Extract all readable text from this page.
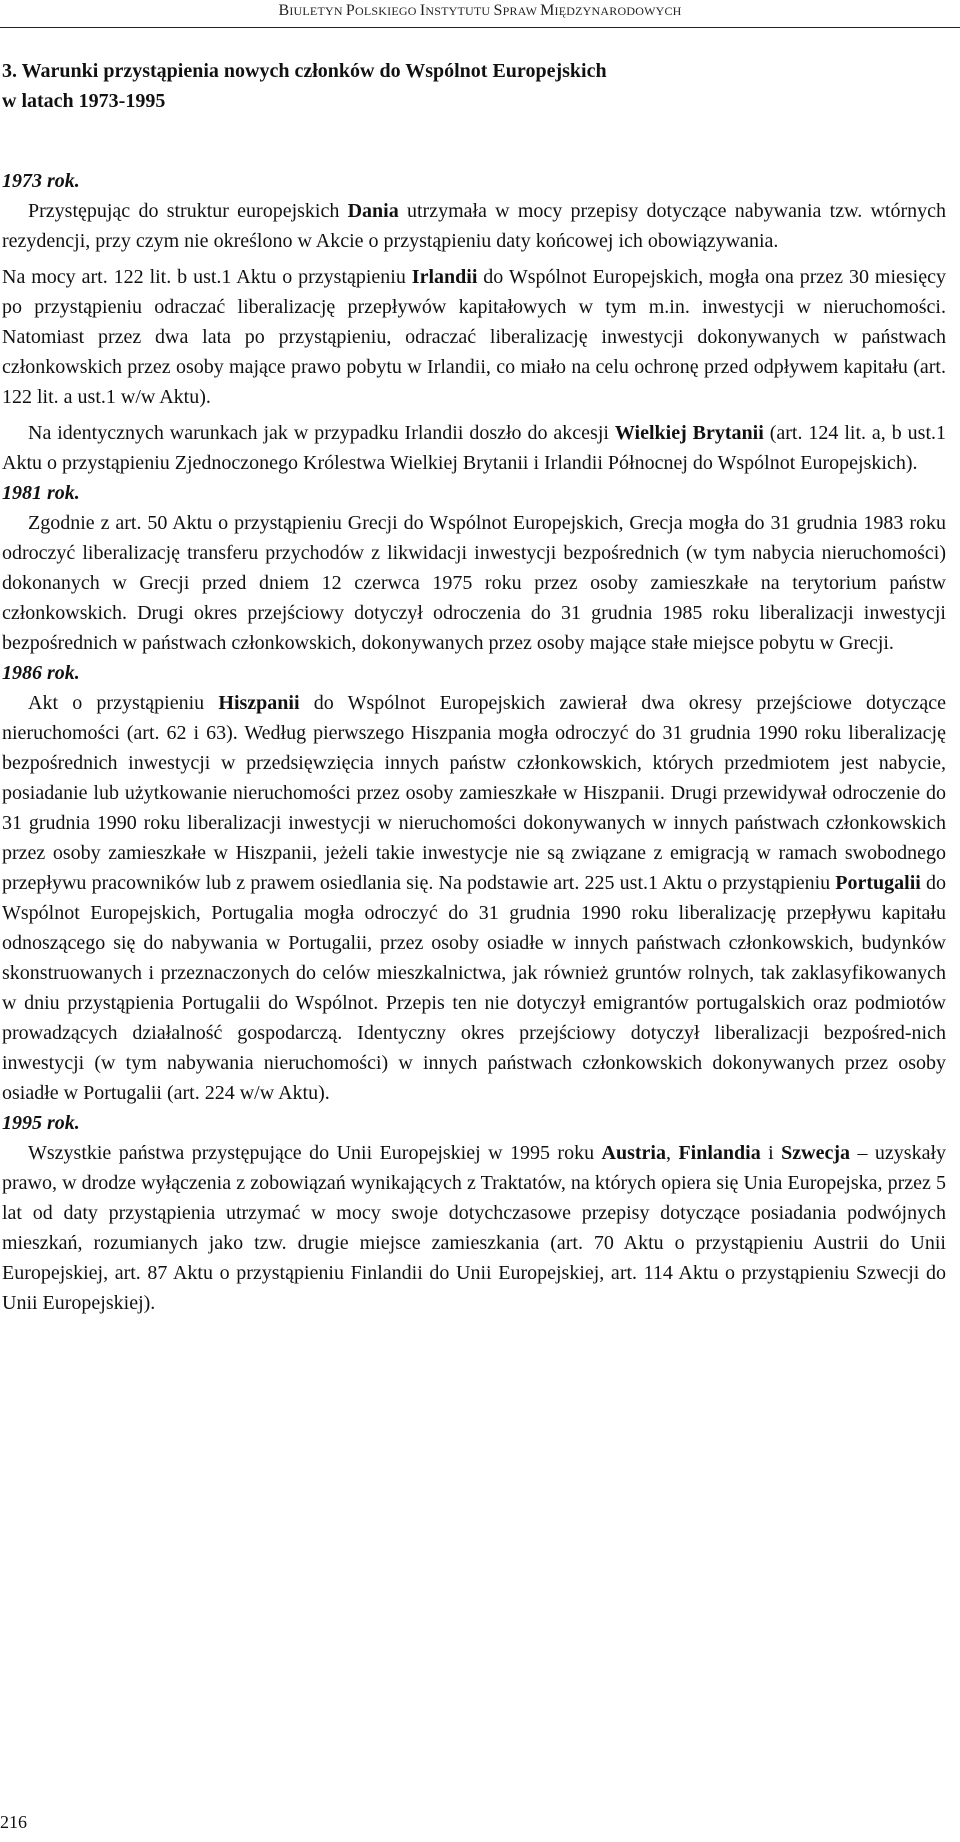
BIULETYN POLSKIEGO INSTYTUTU SPRAW MIĘDZYNARODOWYCH

3. Warunki przystąpienia nowych członków do Wspólnot Europejskich
w latach 1973-1995

1973 rok.

Przystępując do struktur europejskich Dania utrzymała w mocy przepisy dotyczące nabywania tzw. wtórnych rezydencji, przy czym nie określono w Akcie o przystąpieniu daty końcowej ich obowiązywania.

Na mocy art. 122 lit. b ust.1 Aktu o przystąpieniu Irlandii do Wspólnot Europejskich, mogła ona przez 30 miesięcy po przystąpieniu odraczać liberalizację przepływów kapitałowych w tym m.in. inwestycji w nieruchomości. Natomiast przez dwa lata po przystąpieniu, odraczać liberalizację inwestycji dokonywanych w państwach członkowskich przez osoby mające prawo pobytu w Irlandii, co miało na celu ochronę przed odpływem kapitału (art. 122 lit. a ust.1 w/w Aktu).

Na identycznych warunkach jak w przypadku Irlandii doszło do akcesji Wielkiej Brytanii (art. 124 lit. a, b ust.1 Aktu o przystąpieniu Zjednoczonego Królestwa Wielkiej Brytanii i Irlandii Północnej do Wspólnot Europejskich).

1981 rok.

Zgodnie z art. 50 Aktu o przystąpieniu Grecji do Wspólnot Europejskich, Grecja mogła do 31 grudnia 1983 roku odroczyć liberalizację transferu przychodów z likwidacji inwestycji bezpośrednich (w tym nabycia nieruchomości) dokonanych w Grecji przed dniem 12 czerwca 1975 roku przez osoby zamieszkałe na terytorium państw członkowskich. Drugi okres przejściowy dotyczył odroczenia do 31 grudnia 1985 roku liberalizacji inwestycji bezpośrednich w państwach członkowskich, dokonywanych przez osoby mające stałe miejsce pobytu w Grecji.

1986 rok.

Akt o przystąpieniu Hiszpanii do Wspólnot Europejskich zawierał dwa okresy przejściowe dotyczące nieruchomości (art. 62 i 63). Według pierwszego Hiszpania mogła odroczyć do 31 grudnia 1990 roku liberalizację bezpośrednich inwestycji w przedsięwzięcia innych państw członkowskich, których przedmiotem jest nabycie, posiadanie lub użytkowanie nieruchomości przez osoby zamieszkałe w Hiszpanii. Drugi przewidywał odroczenie do 31 grudnia 1990 roku liberalizacji inwestycji w nieruchomości dokonywanych w innych państwach członkowskich przez osoby zamieszkałe w Hiszpanii, jeżeli takie inwestycje nie są związane z emigracją w ramach swobodnego przepływu pracowników lub z prawem osiedlania się. Na podstawie art. 225 ust.1 Aktu o przystąpieniu Portugalii do Wspólnot Europejskich, Portugalia mogła odroczyć do 31 grudnia 1990 roku liberalizację przepływu kapitału odnoszącego się do nabywania w Portugalii, przez osoby osiadłe w innych państwach członkowskich, budynków skonstruowanych i przeznaczonych do celów mieszkalnictwa, jak również gruntów rolnych, tak zaklasyfikowanych w dniu przystąpienia Portugalii do Wspólnot. Przepis ten nie dotyczył emigrantów portugalskich oraz podmiotów prowadzących działalność gospodarczą. Identyczny okres przejściowy dotyczył liberalizacji bezpośred-nich inwestycji (w tym nabywania nieruchomości) w innych państwach członkowskich dokonywanych przez osoby osiadłe w Portugalii (art. 224 w/w Aktu).

1995 rok.

Wszystkie państwa przystępujące do Unii Europejskiej w 1995 roku Austria, Finlandia i Szwecja – uzyskały prawo, w drodze wyłączenia z zobowiązań wynikających z Traktatów, na których opiera się Unia Europejska, przez 5 lat od daty przystąpienia utrzymać w mocy swoje dotychczasowe przepisy dotyczące posiadania podwójnych mieszkań, rozumianych jako tzw. drugie miejsce zamieszkania (art. 70 Aktu o przystąpieniu Austrii do Unii Europejskiej, art. 87 Aktu o przystąpieniu Finlandii do Unii Europejskiej, art. 114 Aktu o przystąpieniu Szwecji do Unii Europejskiej).

216
